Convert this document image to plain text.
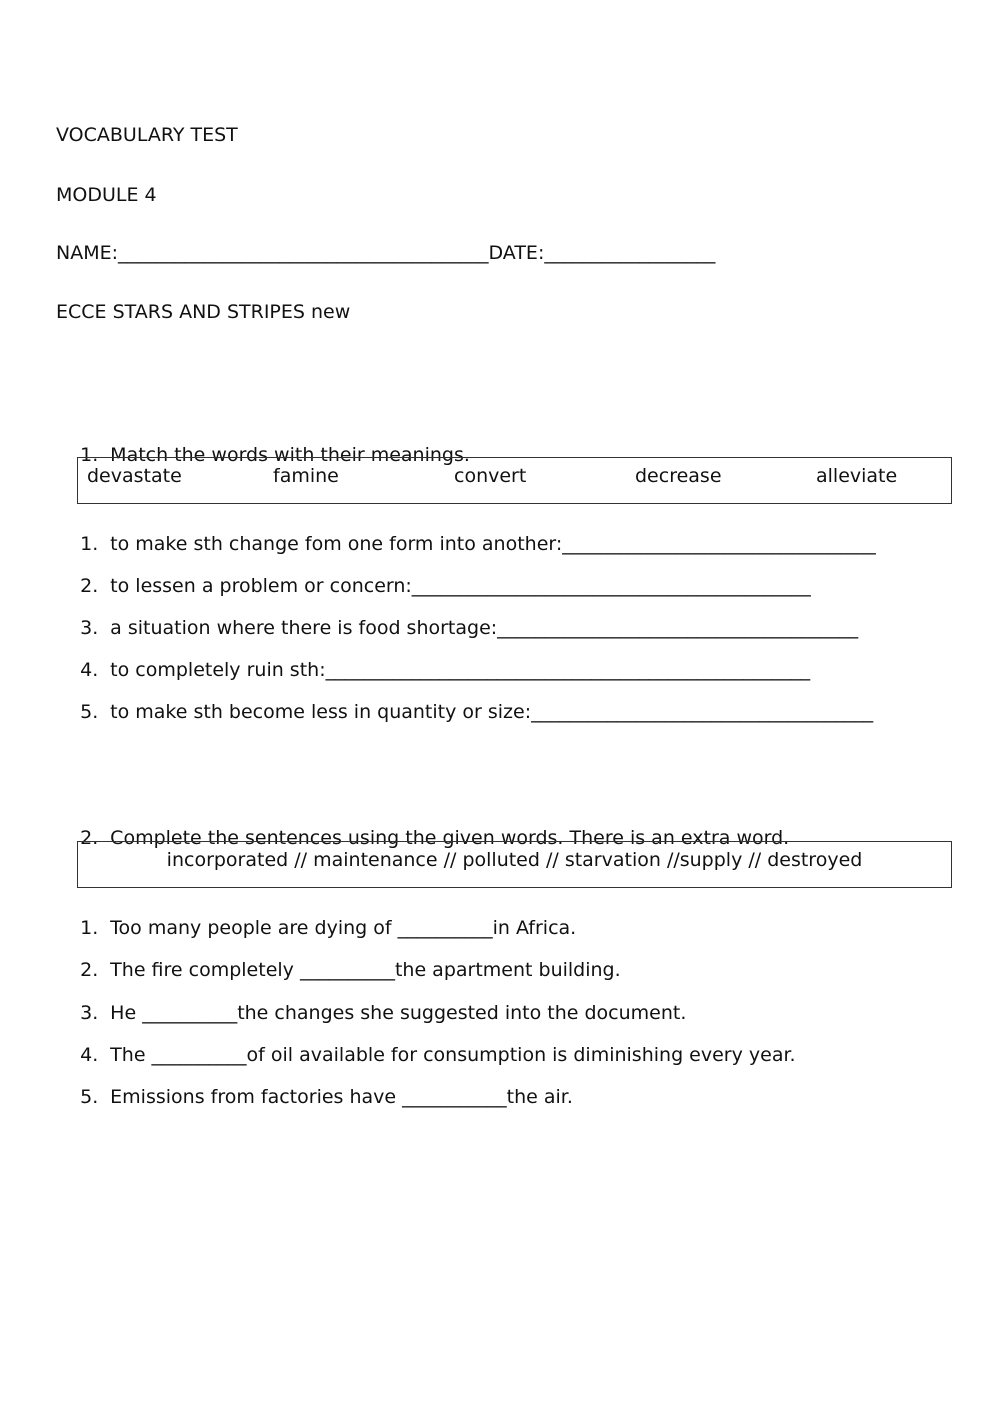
VOCABULARY TEST
MODULE 4
NAME:_______________________________________DATE:__________________
ECCE STARS AND STRIPES new

1. Match the words with their meanings.

devastate	famine	convert	decrease	alleviate

1. to make sth change fom one form into another:_________________________________

2. to lessen a problem or concern:__________________________________________

3. a situation where there is food shortage:______________________________________

4. to completely ruin sth:___________________________________________________

5. to make sth become less in quantity or size:____________________________________

2. Complete the sentences using the given words. There is an extra word.

incorporated // maintenance // polluted // starvation //supply // destroyed

1. Too many people are dying of __________in Africa.

2. The fire completely __________the apartment building.

3. He __________the changes she suggested into the document.

4. The __________of oil available for consumption is diminishing every year.

5. Emissions from factories have ___________the air.
